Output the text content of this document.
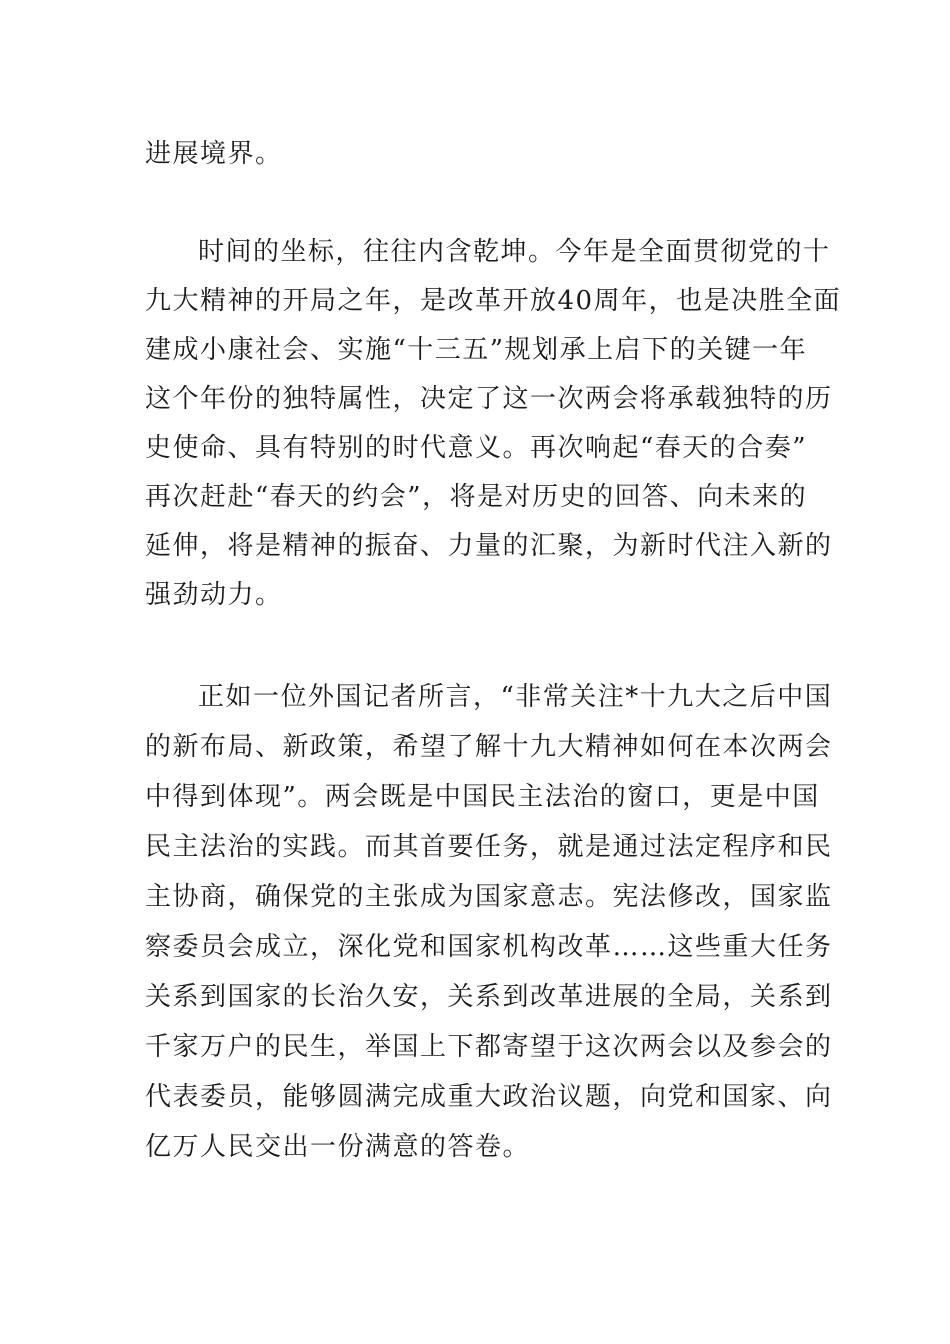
进展境界。
时间的坐标，往往内含乾坤。今年是全面贯彻党的十
九大精神的开局之年，是改革开放40周年，也是决胜全面
建成小康社会、实施“十三五”规划承上启下的关键一年
这个年份的独特属性，决定了这一次两会将承载独特的历
史使命、具有特别的时代意义。再次响起“春天的合奏”
再次赶赴“春天的约会”，将是对历史的回答、向未来的
延伸，将是精神的振奋、力量的汇聚，为新时代注入新的
强劲动力。
正如一位外国记者所言，“非常关注*十九大之后中国
的新布局、新政策，希望了解十九大精神如何在本次两会
中得到体现”。两会既是中国民主法治的窗口，更是中国
民主法治的实践。而其首要任务，就是通过法定程序和民
主协商，确保党的主张成为国家意志。宪法修改，国家监
察委员会成立，深化党和国家机构改革……这些重大任务
关系到国家的长治久安，关系到改革进展的全局，关系到
千家万户的民生，举国上下都寄望于这次两会以及参会的
代表委员，能够圆满完成重大政治议题，向党和国家、向
亿万人民交出一份满意的答卷。
